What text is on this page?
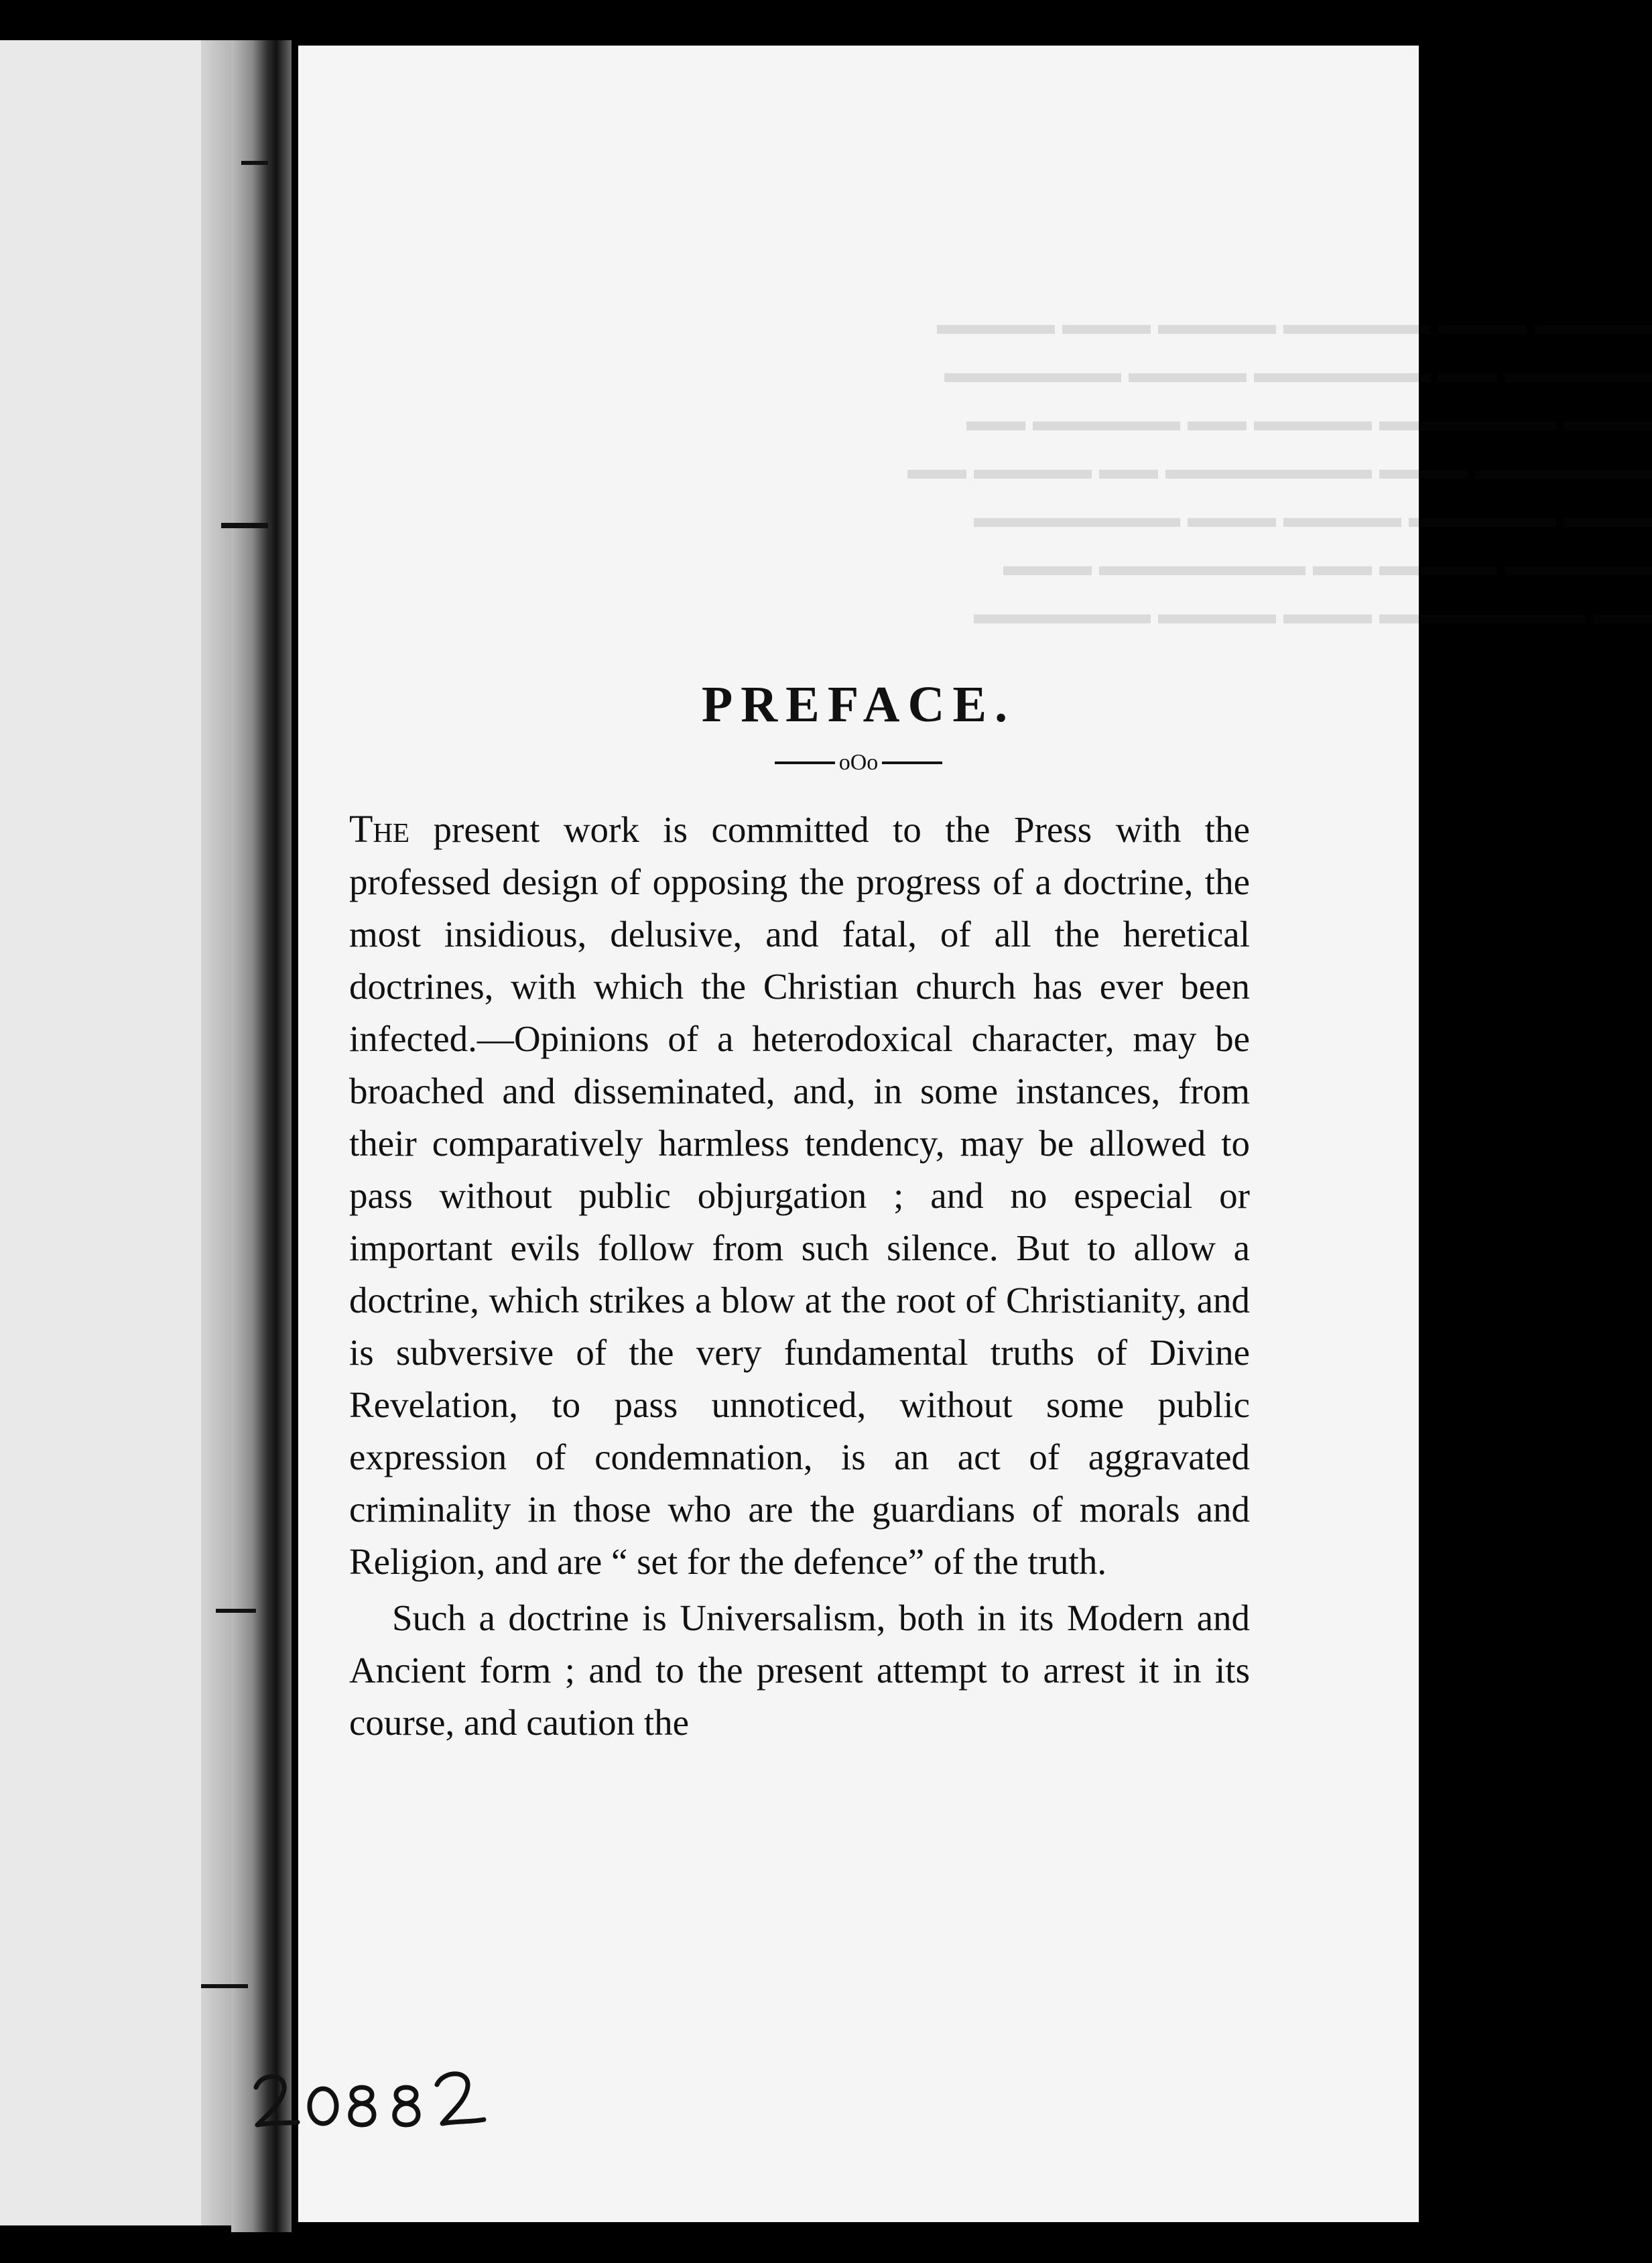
▬▬▬▬ ▬▬▬ ▬▬▬▬▬ ▬▬▬▬ ▬▬▬ ▬▬▬▬
▬▬▬▬▬ ▬▬ ▬▬▬▬▬▬ ▬▬▬▬ ▬▬▬▬▬▬
▬▬▬ ▬▬▬▬▬▬ ▬▬▬▬ ▬▬ ▬▬▬▬▬ ▬▬
▬▬▬▬▬▬ ▬▬▬ ▬▬▬▬▬▬▬ ▬▬ ▬▬▬▬ ▬▬
▬▬▬ ▬▬▬▬▬ ▬▬▬▬ ▬▬▬ ▬▬▬▬▬▬▬
▬▬▬▬▬ ▬▬▬▬ ▬▬ ▬▬▬▬▬▬▬ ▬▬▬
▬▬ ▬▬▬▬▬▬▬ ▬▬▬ ▬▬▬▬ ▬▬▬▬▬▬
PREFACE.
oOo

The present work is committed to the Press with the professed design of opposing the progress of a doctrine, the most insidious, delusive, and fatal, of all the heretical doctrines, with which the Christian church has ever been infected.—Opinions of a heterodoxical character, may be broached and disseminated, and, in some instances, from their comparatively harmless tendency, may be allowed to pass without public objurgation ; and no especial or important evils follow from such silence. But to allow a doctrine, which strikes a blow at the root of Christianity, and is subversive of the very fundamental truths of Divine Revelation, to pass unnoticed, without some public expression of condemnation, is an act of aggravated criminality in those who are the guardians of morals and Religion, and are “ set for the defence” of the truth.

Such a doctrine is Universalism, both in its Modern and Ancient form ; and to the present attempt to arrest it in its course, and caution the
